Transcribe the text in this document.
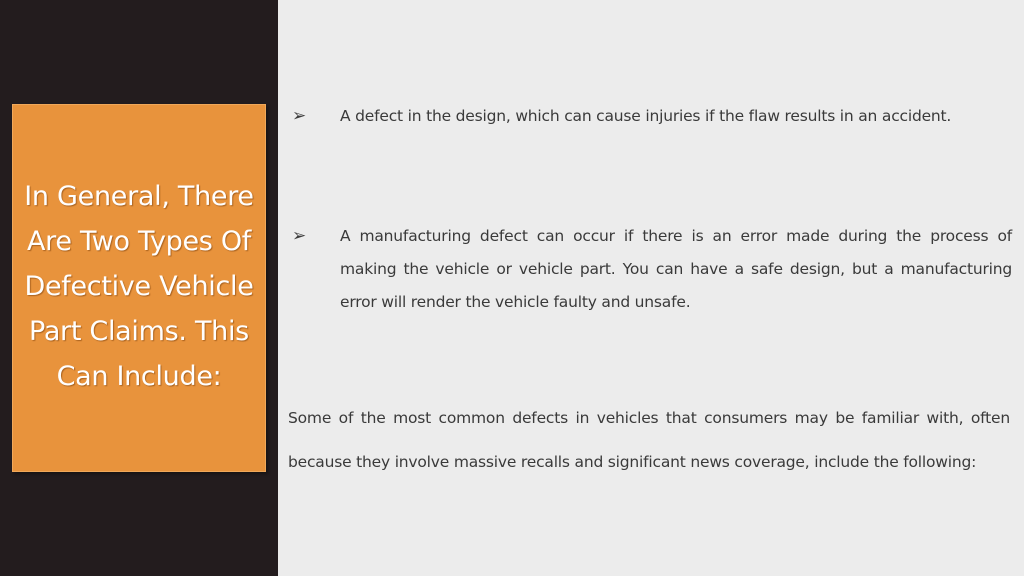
In General, There Are Two Types Of Defective Vehicle Part Claims. This Can Include:
➢	A defect in the design, which can cause injuries if the flaw results in an accident.

➢	A manufacturing defect can occur if there is an error made during the process of making the vehicle or vehicle part. You can have a safe design, but a manufacturing error will render the vehicle faulty and unsafe.

Some of the most common defects in vehicles that consumers may be familiar with, often because they involve massive recalls and significant news coverage, include the following:
